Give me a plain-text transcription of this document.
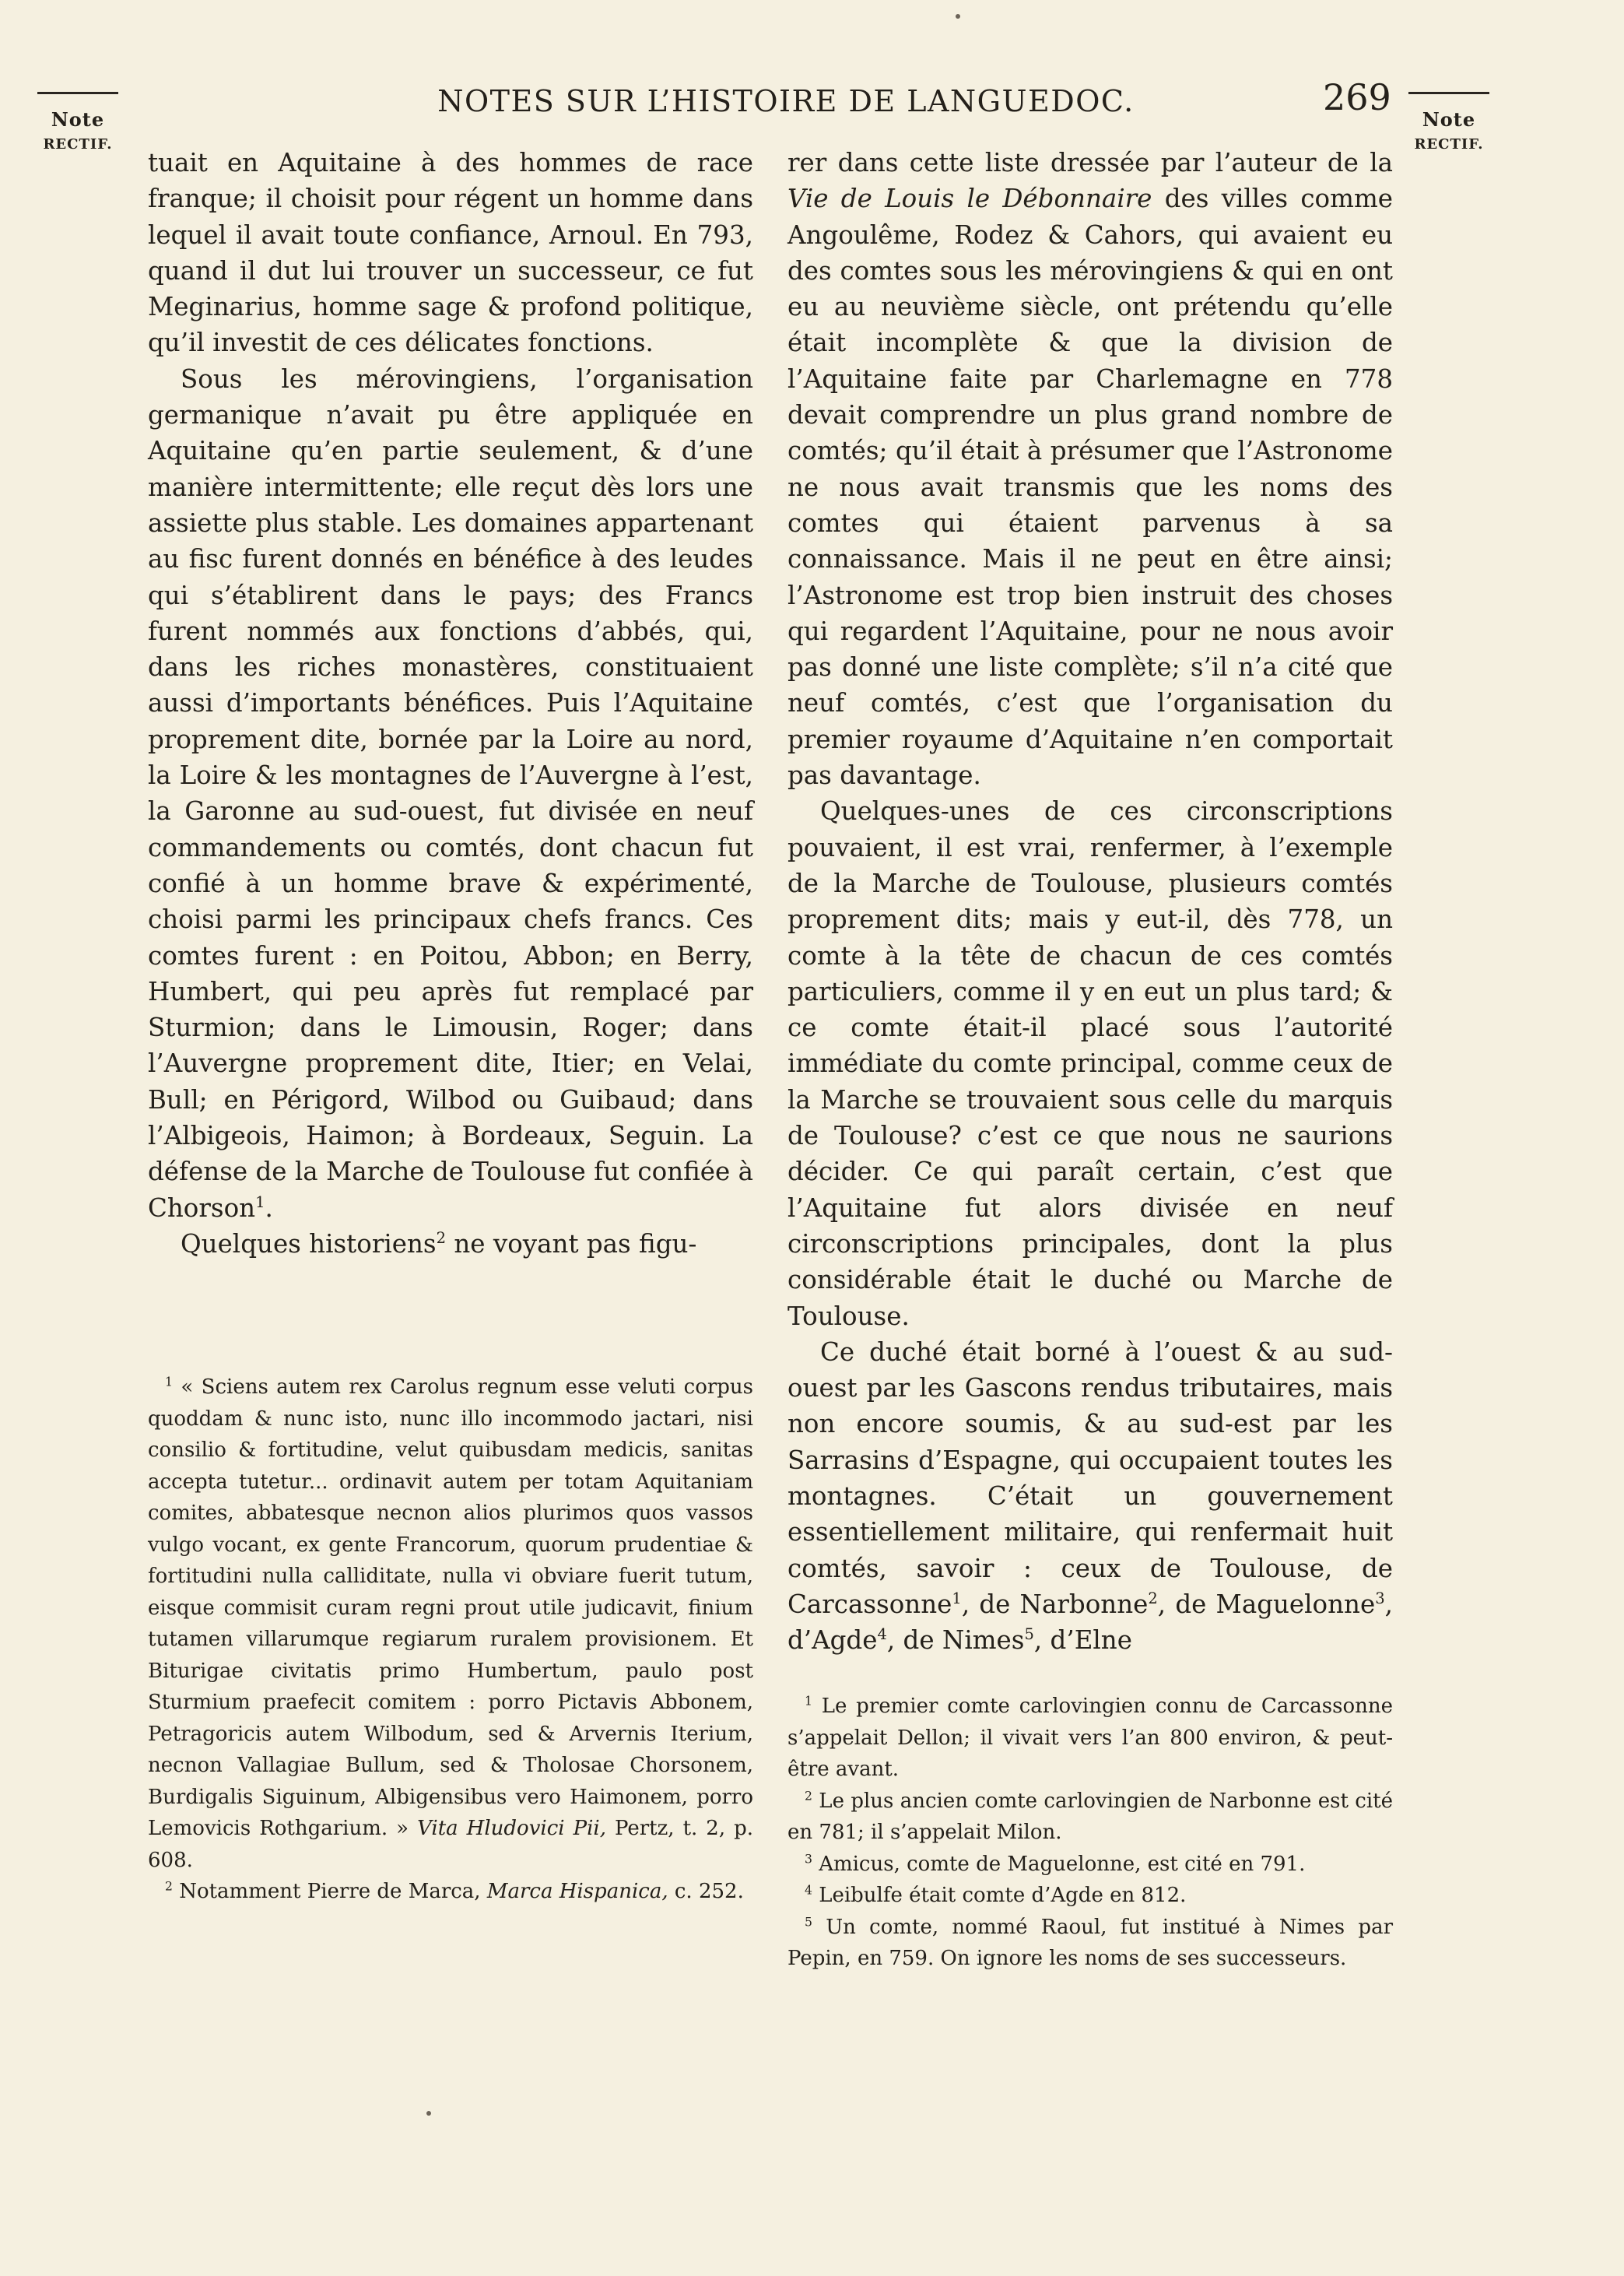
Note
RECTIF.
NOTES SUR L’HISTOIRE DE LANGUEDOC.	269
Note
RECTIF.

tuait en Aquitaine à des hommes de race franque; il choisit pour régent un homme dans lequel il avait toute confiance, Arnoul. En 793, quand il dut lui trouver un successeur, ce fut Meginarius, homme sage & profond politique, qu’il investit de ces délicates fonctions.

Sous les mérovingiens, l’organisation germanique n’avait pu être appliquée en Aquitaine qu’en partie seulement, & d’une manière intermittente; elle reçut dès lors une assiette plus stable. Les domaines appartenant au fisc furent donnés en bénéfice à des leudes qui s’établirent dans le pays; des Francs furent nommés aux fonctions d’abbés, qui, dans les riches monastères, constituaient aussi d’importants bénéfices. Puis l’Aquitaine proprement dite, bornée par la Loire au nord, la Loire & les montagnes de l’Auvergne à l’est, la Garonne au sud-ouest, fut divisée en neuf commandements ou comtés, dont chacun fut confié à un homme brave & expérimenté, choisi parmi les principaux chefs francs. Ces comtes furent : en Poitou, Abbon; en Berry, Humbert, qui peu après fut remplacé par Sturmion; dans le Limousin, Roger; dans l’Auvergne proprement dite, Itier; en Velai, Bull; en Périgord, Wilbod ou Guibaud; dans l’Albigeois, Haimon; à Bordeaux, Seguin. La défense de la Marche de Toulouse fut confiée à Chorson$^1$.

Quelques historiens$^2$ ne voyant pas figu-

$^1$ « Sciens autem rex Carolus regnum esse veluti corpus quoddam & nunc isto, nunc illo incommodo jactari, nisi consilio & fortitudine, velut quibusdam medicis, sanitas accepta tutetur... ordinavit autem per totam Aquitaniam comites, abbatesque necnon alios plurimos quos vassos vulgo vocant, ex gente Francorum, quorum prudentiae & fortitudini nulla calliditate, nulla vi obviare fuerit tutum, eisque commisit curam regni prout utile judicavit, finium tutamen villarumque regiarum ruralem provisionem. Et Biturigae civitatis primo Humbertum, paulo post Sturmium praefecit comitem : porro Pictavis Abbonem, Petragoricis autem Wilbodum, sed & Arvernis Iterium, necnon Vallagiae Bullum, sed & Tholosae Chorsonem, Burdigalis Siguinum, Albigensibus vero Haimonem, porro Lemovicis Rothgarium. » Vita Hludovici Pii, Pertz, t. 2, p. 608.

$^2$ Notamment Pierre de Marca, Marca Hispanica, c. 252.

rer dans cette liste dressée par l’auteur de la Vie de Louis le Débonnaire des villes comme Angoulême, Rodez & Cahors, qui avaient eu des comtes sous les mérovingiens & qui en ont eu au neuvième siècle, ont prétendu qu’elle était incomplète & que la division de l’Aquitaine faite par Charlemagne en 778 devait comprendre un plus grand nombre de comtés; qu’il était à présumer que l’Astronome ne nous avait transmis que les noms des comtes qui étaient parvenus à sa connaissance. Mais il ne peut en être ainsi; l’Astronome est trop bien instruit des choses qui regardent l’Aquitaine, pour ne nous avoir pas donné une liste complète; s’il n’a cité que neuf comtés, c’est que l’organisation du premier royaume d’Aquitaine n’en comportait pas davantage.

Quelques-unes de ces circonscriptions pouvaient, il est vrai, renfermer, à l’exemple de la Marche de Toulouse, plusieurs comtés proprement dits; mais y eut-il, dès 778, un comte à la tête de chacun de ces comtés particuliers, comme il y en eut un plus tard; & ce comte était-il placé sous l’autorité immédiate du comte principal, comme ceux de la Marche se trouvaient sous celle du marquis de Toulouse? c’est ce que nous ne saurions décider. Ce qui paraît certain, c’est que l’Aquitaine fut alors divisée en neuf circonscriptions principales, dont la plus considérable était le duché ou Marche de Toulouse.

Ce duché était borné à l’ouest & au sud-ouest par les Gascons rendus tributaires, mais non encore soumis, & au sud-est par les Sarrasins d’Espagne, qui occupaient toutes les montagnes. C’était un gouvernement essentiellement militaire, qui renfermait huit comtés, savoir : ceux de Toulouse, de Carcassonne$^1$, de Narbonne$^2$, de Maguelonne$^3$, d’Agde$^4$, de Nimes$^5$, d’Elne

$^1$ Le premier comte carlovingien connu de Carcassonne s’appelait Dellon; il vivait vers l’an 800 environ, & peut-être avant.

$^2$ Le plus ancien comte carlovingien de Narbonne est cité en 781; il s’appelait Milon.

$^3$ Amicus, comte de Maguelonne, est cité en 791.

$^4$ Leibulfe était comte d’Agde en 812.

$^5$ Un comte, nommé Raoul, fut institué à Nimes par Pepin, en 759. On ignore les noms de ses successeurs.
